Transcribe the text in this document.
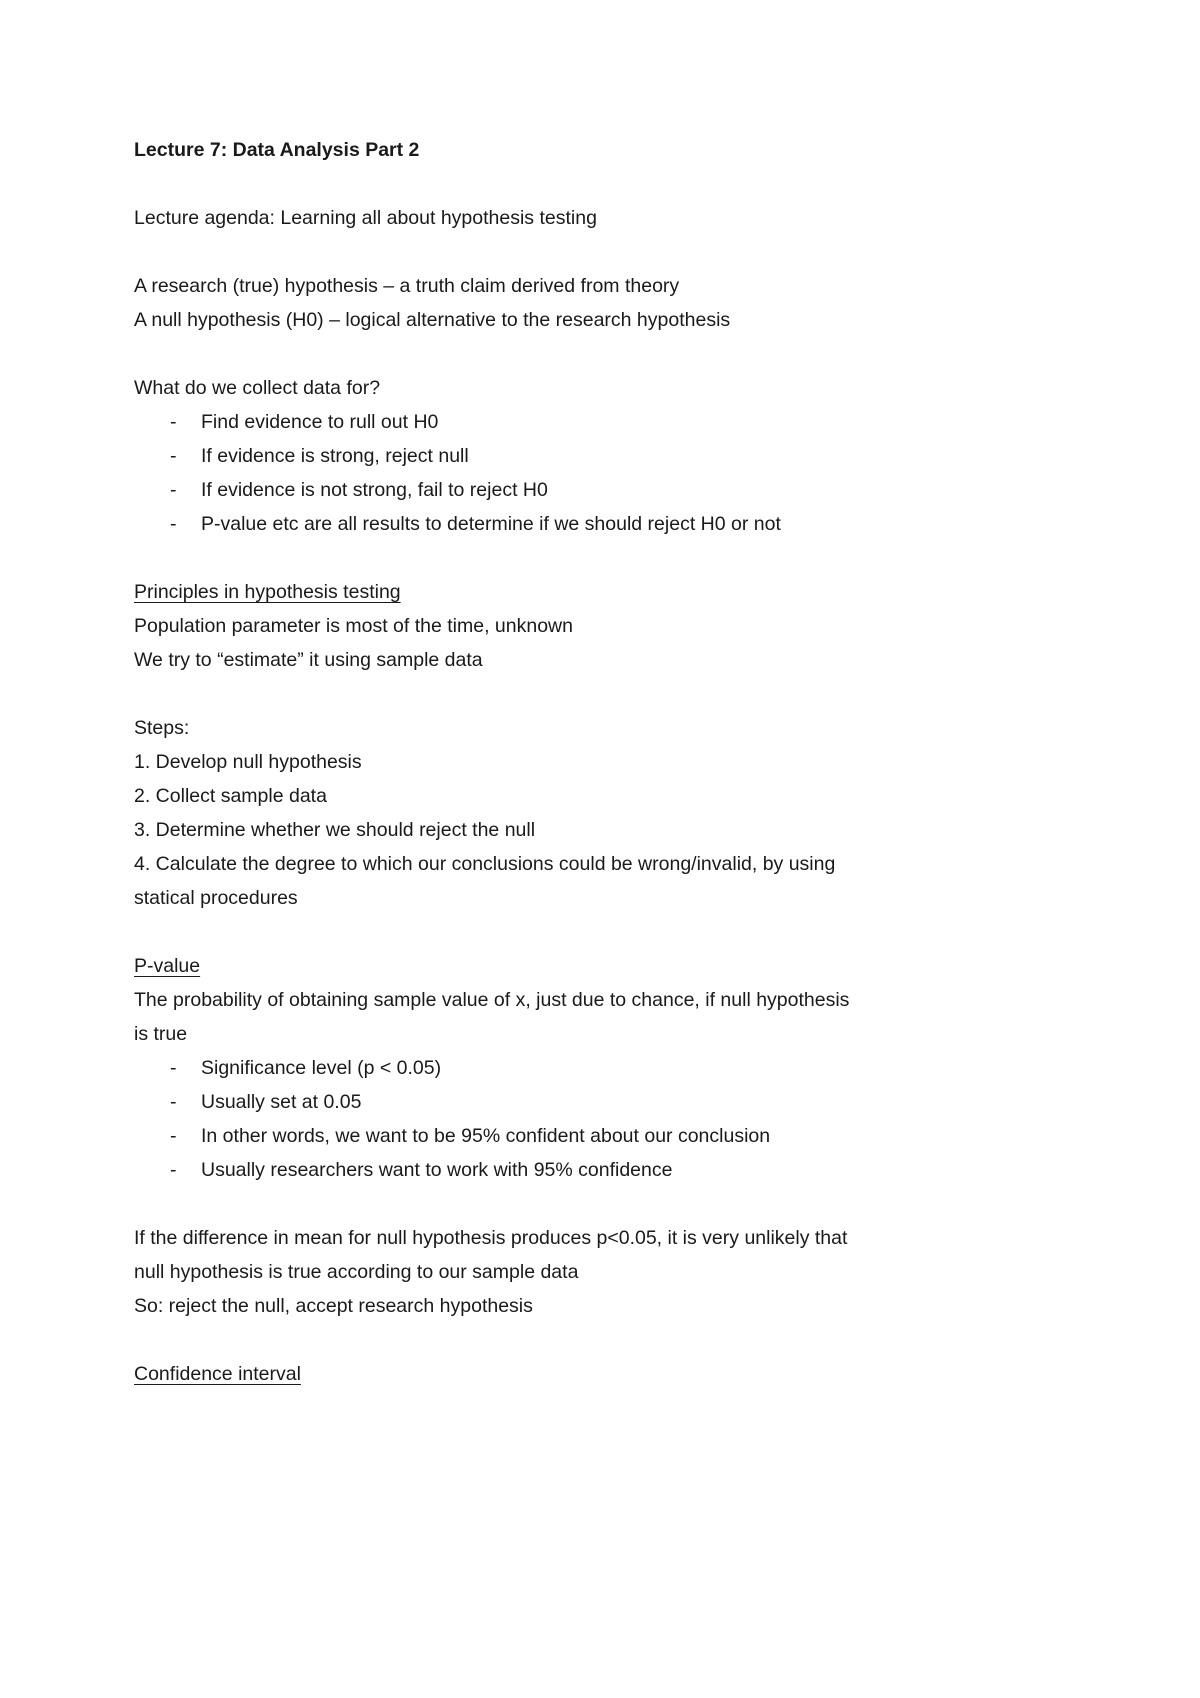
Lecture 7: Data Analysis Part 2
Lecture agenda: Learning all about hypothesis testing
A research (true) hypothesis – a truth claim derived from theory
A null hypothesis (H0) – logical alternative to the research hypothesis
What do we collect data for?
- Find evidence to rull out H0
- If evidence is strong, reject null
- If evidence is not strong, fail to reject H0
- P-value etc are all results to determine if we should reject H0 or not
Principles in hypothesis testing
Population parameter is most of the time, unknown
We try to “estimate” it using sample data
Steps:
1. Develop null hypothesis
2. Collect sample data
3. Determine whether we should reject the null
4. Calculate the degree to which our conclusions could be wrong/invalid, by using
statical procedures
P-value
The probability of obtaining sample value of x, just due to chance, if null hypothesis
is true
- Significance level (p < 0.05)
- Usually set at 0.05
- In other words, we want to be 95% confident about our conclusion
- Usually researchers want to work with 95% confidence
If the difference in mean for null hypothesis produces p<0.05, it is very unlikely that
null hypothesis is true according to our sample data
So: reject the null, accept research hypothesis
Confidence interval
